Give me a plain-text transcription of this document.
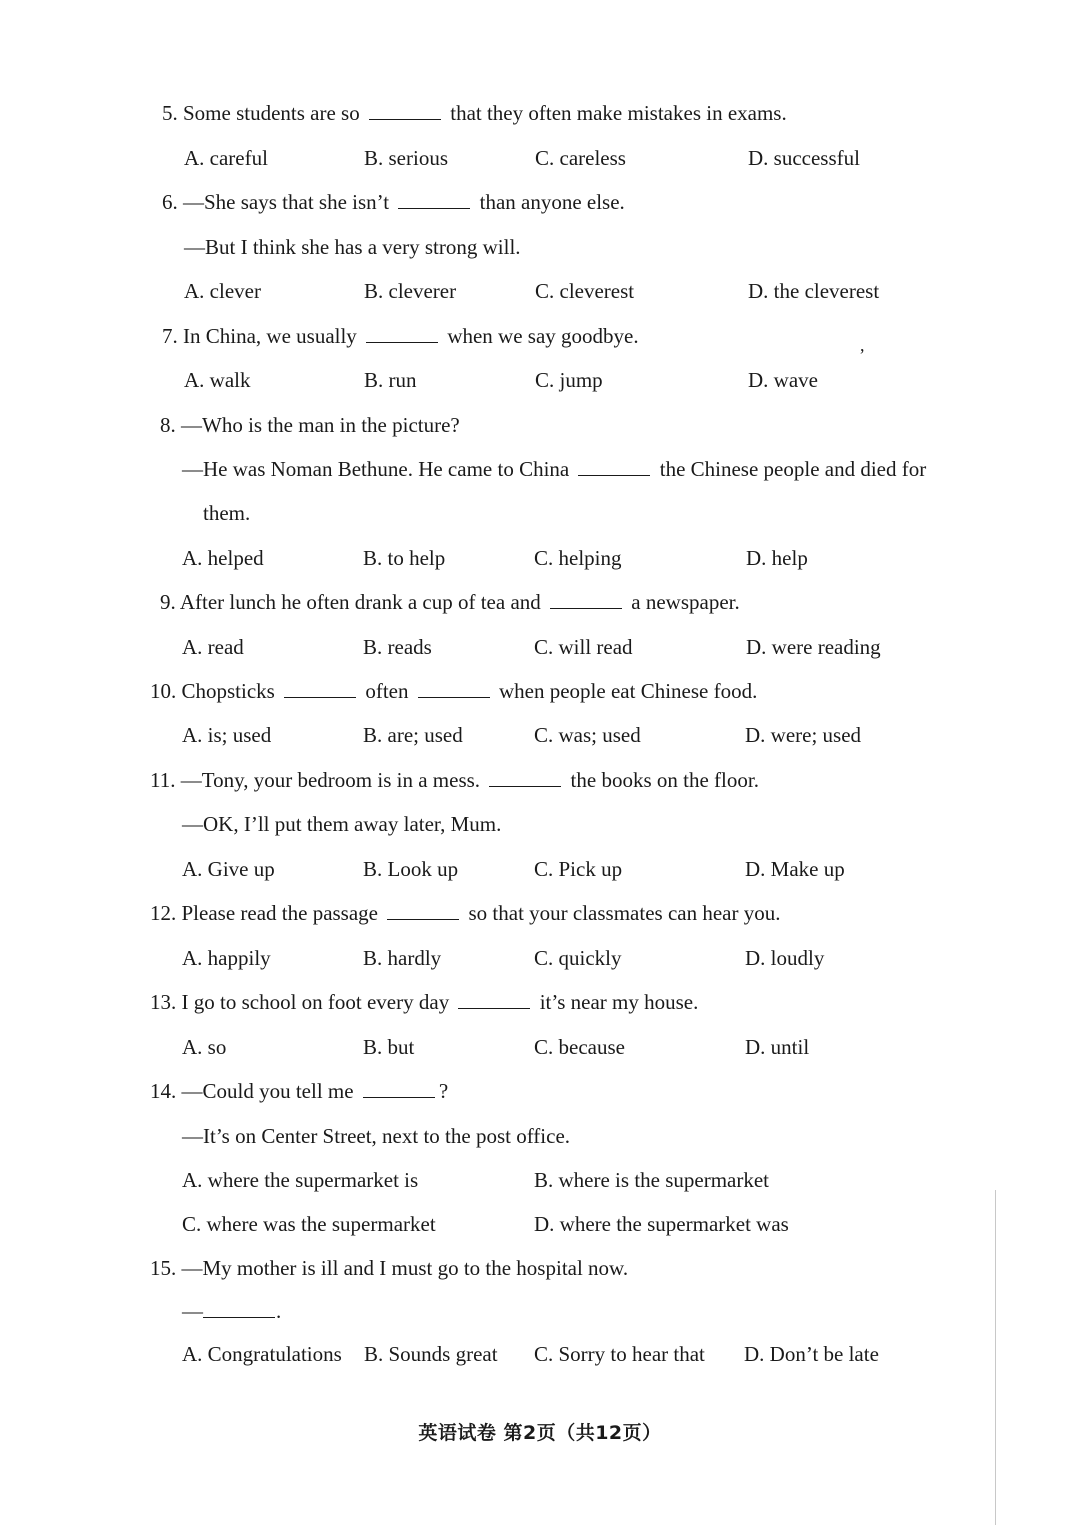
5. Some students are so	that they often make mistakes in exams.
A. careful	B. serious	C. careless	D. successful
6. —She says that she isn’t	than anyone else.
—But I think she has a very strong will.
A. clever	B. cleverer	C. cleverest	D. the cleverest
7. In China, we usually	when we say goodbye.	,
A. walk	B. run	C. jump	D. wave
8. —Who is the man in the picture?
—He was Noman Bethune. He came to China	the Chinese people and died for
them.
A. helped	B. to help	C. helping	D. help
9. After lunch he often drank a cup of tea and	a newspaper.
A. read	B. reads	C. will read	D. were reading
10. Chopsticks	often	when people eat Chinese food.
A. is; used	B. are; used	C. was; used	D. were; used
11. —Tony, your bedroom is in a mess.	the books on the floor.
—OK, I’ll put them away later, Mum.
A. Give up	B. Look up	C. Pick up	D. Make up
12. Please read the passage	so that your classmates can hear you.
A. happily	B. hardly	C. quickly	D. loudly
13. I go to school on foot every day	it’s near my house.
A. so	B. but	C. because	D. until
14. —Could you tell me	?
—It’s on Center Street, next to the post office.
A. where the supermarket is	B. where is the supermarket
C. where was the supermarket	D. where the supermarket was
15. —My mother is ill and I must go to the hospital now.
—	.
A. Congratulations B. Sounds great C. Sorry to hear that D. Don’t be late
英语试卷 第2页（共12页）
